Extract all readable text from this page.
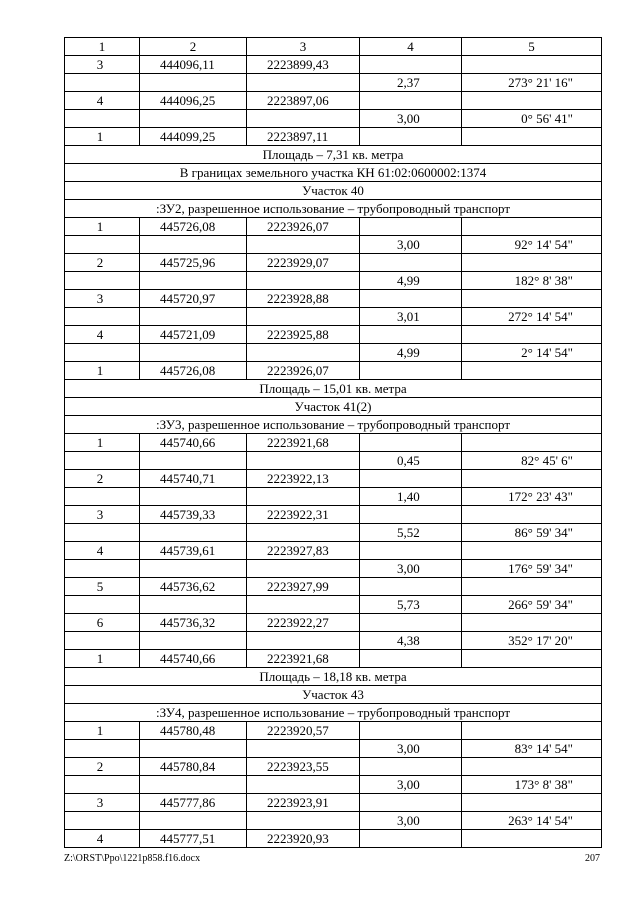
1	2	3	4	5
3	444096,11	2223899,43		
			2,37	273° 21' 16"
4	444096,25	2223897,06		
			3,00	0° 56' 41"
1	444099,25	2223897,11		
Площадь – 7,31 кв. метра				
В границах земельного участка КН 61:02:0600002:1374				
Участок 40				
:ЗУ2, разрешенное использование – трубопроводный транспорт				
1	445726,08	2223926,07		
			3,00	92° 14' 54"
2	445725,96	2223929,07		
			4,99	182° 8' 38"
3	445720,97	2223928,88		
			3,01	272° 14' 54"
4	445721,09	2223925,88		
			4,99	2° 14' 54"
1	445726,08	2223926,07		
Площадь – 15,01 кв. метра				
Участок 41(2)				
:ЗУ3, разрешенное использование – трубопроводный транспорт				
1	445740,66	2223921,68		
			0,45	82° 45' 6"
2	445740,71	2223922,13		
			1,40	172° 23' 43"
3	445739,33	2223922,31		
			5,52	86° 59' 34"
4	445739,61	2223927,83		
			3,00	176° 59' 34"
5	445736,62	2223927,99		
			5,73	266° 59' 34"
6	445736,32	2223922,27		
			4,38	352° 17' 20"
1	445740,66	2223921,68		
Площадь – 18,18 кв. метра				
Участок 43				
:ЗУ4, разрешенное использование – трубопроводный транспорт				
1	445780,48	2223920,57		
			3,00	83° 14' 54"
2	445780,84	2223923,55		
			3,00	173° 8' 38"
3	445777,86	2223923,91		
			3,00	263° 14' 54"
4	445777,51	2223920,93		
Z:\ORST\Ppo\1221p858.f16.docx	207
